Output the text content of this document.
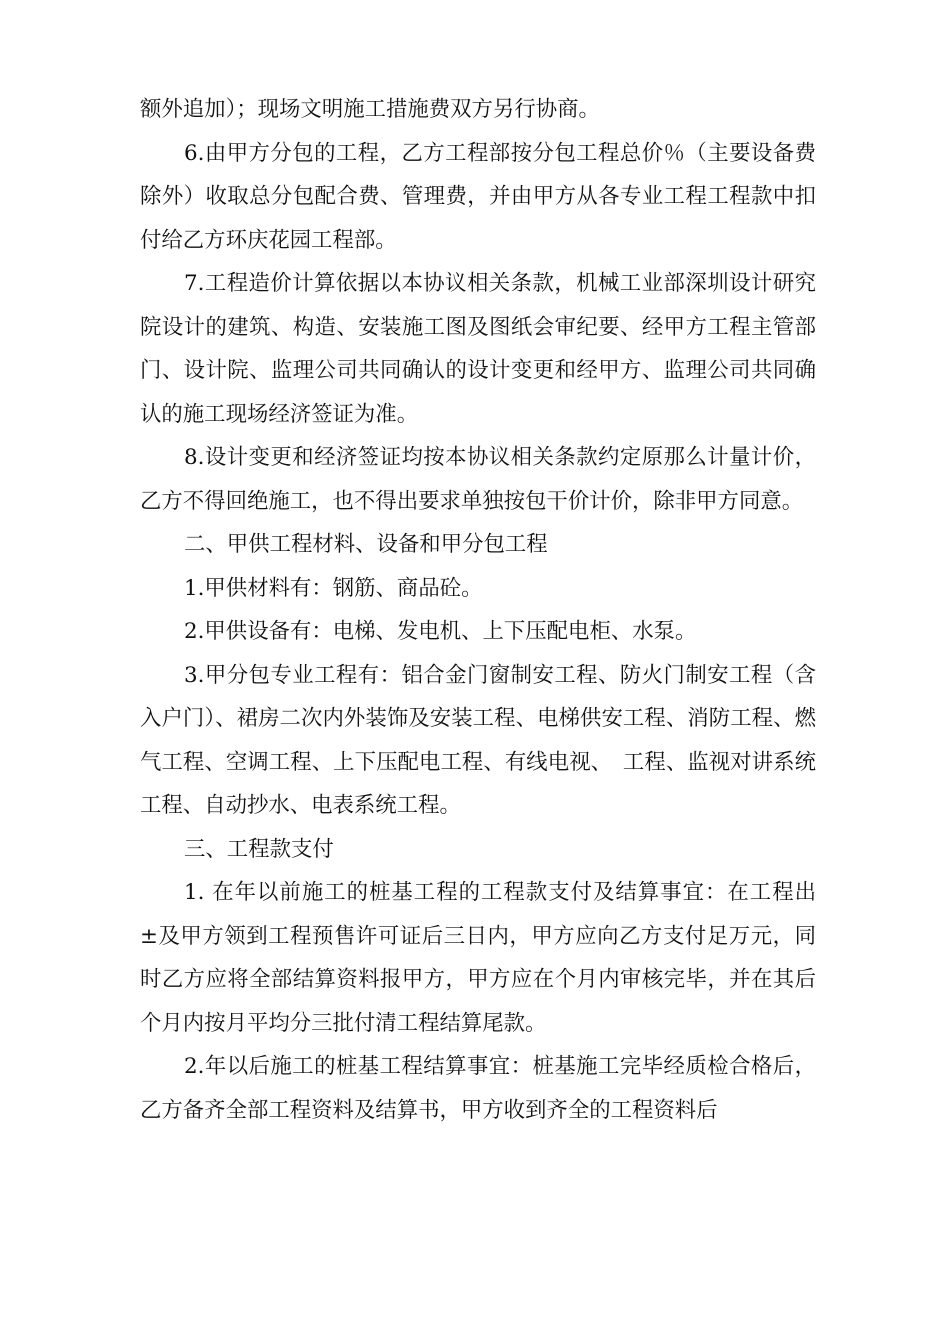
额外追加）；现场文明施工措施费双方另行协商。

6.由甲方分包的工程，乙方工程部按分包工程总价％（主要设备费除外）收取总分包配合费、管理费，并由甲方从各专业工程工程款中扣付给乙方环庆花园工程部。

7.工程造价计算依据以本协议相关条款，机械工业部深圳设计研究院设计的建筑、构造、安装施工图及图纸会审纪要、经甲方工程主管部门、设计院、监理公司共同确认的设计变更和经甲方、监理公司共同确认的施工现场经济签证为准。

8.设计变更和经济签证均按本协议相关条款约定原那么计量计价，乙方不得回绝施工，也不得出要求单独按包干价计价，除非甲方同意。

二、甲供工程材料、设备和甲分包工程

1.甲供材料有：钢筋、商品砼。

2.甲供设备有：电梯、发电机、上下压配电柜、水泵。

3.甲分包专业工程有：铝合金门窗制安工程、防火门制安工程（含入户门）、裙房二次内外装饰及安装工程、电梯供安工程、消防工程、燃气工程、空调工程、上下压配电工程、有线电视、　工程、监视对讲系统工程、自动抄水、电表系统工程。

三、工程款支付

1. 在年以前施工的桩基工程的工程款支付及结算事宜：在工程出±及甲方领到工程预售许可证后三日内，甲方应向乙方支付足万元，同时乙方应将全部结算资料报甲方，甲方应在个月内审核完毕，并在其后个月内按月平均分三批付清工程结算尾款。

2.年以后施工的桩基工程结算事宜：桩基施工完毕经质检合格后，乙方备齐全部工程资料及结算书，甲方收到齐全的工程资料后
